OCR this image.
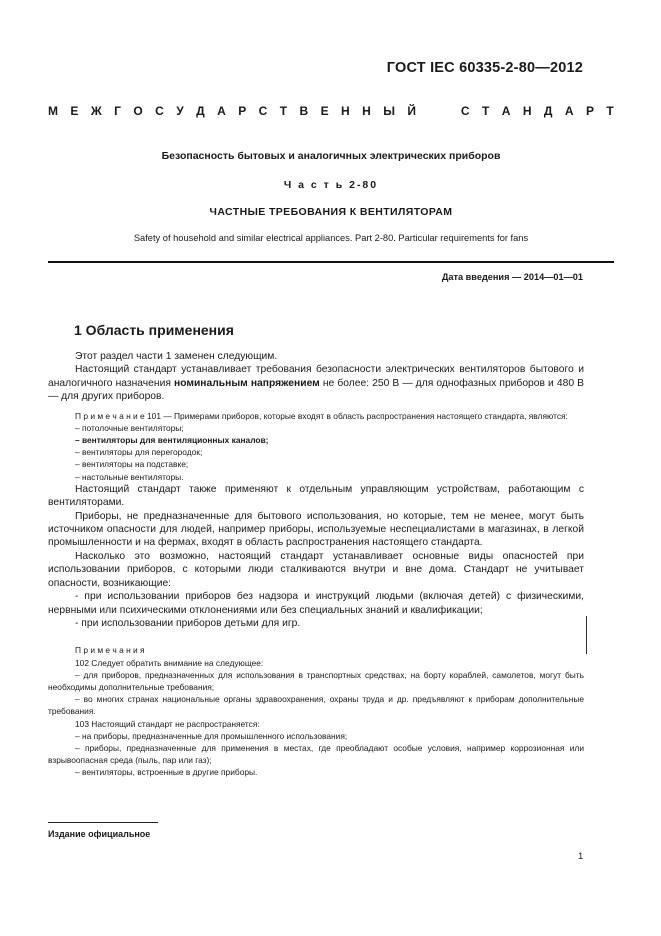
ГОСТ IEC 60335-2-80—2012
М Е Ж Г О С У Д А Р С Т В Е Н Н Ы Й	С Т А Н Д А Р Т
Безопасность бытовых и аналогичных электрических приборов
Ч а с т ь 2-80
ЧАСТНЫЕ ТРЕБОВАНИЯ К ВЕНТИЛЯТОРАМ
Safety of household and similar electrical appliances. Part 2-80. Particular requirements for fans
Дата введения — 2014—01—01
1 Область применения

Этот раздел части 1 заменен следующим.

Настоящий стандарт устанавливает требования безопасности электрических вентиляторов бытового и аналогичного назначения номинальным напряжением не более: 250 В — для однофазных приборов и 480 В — для других приборов.

П р и м е ч а н и е 101 — Примерами приборов, которые входят в область распространения настоящего стандарта, являются:
– потолочные вентиляторы;
– вентиляторы для вентиляционных каналов;
– вентиляторы для перегородок;
– вентиляторы на подставке;
– настольные вентиляторы.

Настоящий стандарт также применяют к отдельным управляющим устройствам, работающим с вентиляторами.

Приборы, не предназначенные для бытового использования, но которые, тем не менее, могут быть источником опасности для людей, например приборы, используемые неспециалистами в магазинах, в легкой промышленности и на фермах, входят в область распространения настоящего стандарта.

Насколько это возможно, настоящий стандарт устанавливает основные виды опасностей при использовании приборов, с которыми люди сталкиваются внутри и вне дома. Стандарт не учитывает опасности, возникающие:

- при использовании приборов без надзора и инструкций людьми (включая детей) с физическими, нервными или психическими отклонениями или без специальных знаний и квалификации;

- при использовании приборов детьми для игр.

П р и м е ч а н и я
102 Следует обратить внимание на следующее:
– для приборов, предназначенных для использования в транспортных средствах, на борту кораблей, самолетов, могут быть необходимы дополнительные требования;
– во многих странах национальные органы здравоохранения, охраны труда и др. предъявляют к приборам дополнительные требования.
103 Настоящий стандарт не распространяется:
– на приборы, предназначенные для промышленного использования;
– приборы, предназначенные для применения в местах, где преобладают особые условия, например коррозионная или взрывоопасная среда (пыль, пар или газ);
– вентиляторы, встроенные в другие приборы.
Издание официальное
1
